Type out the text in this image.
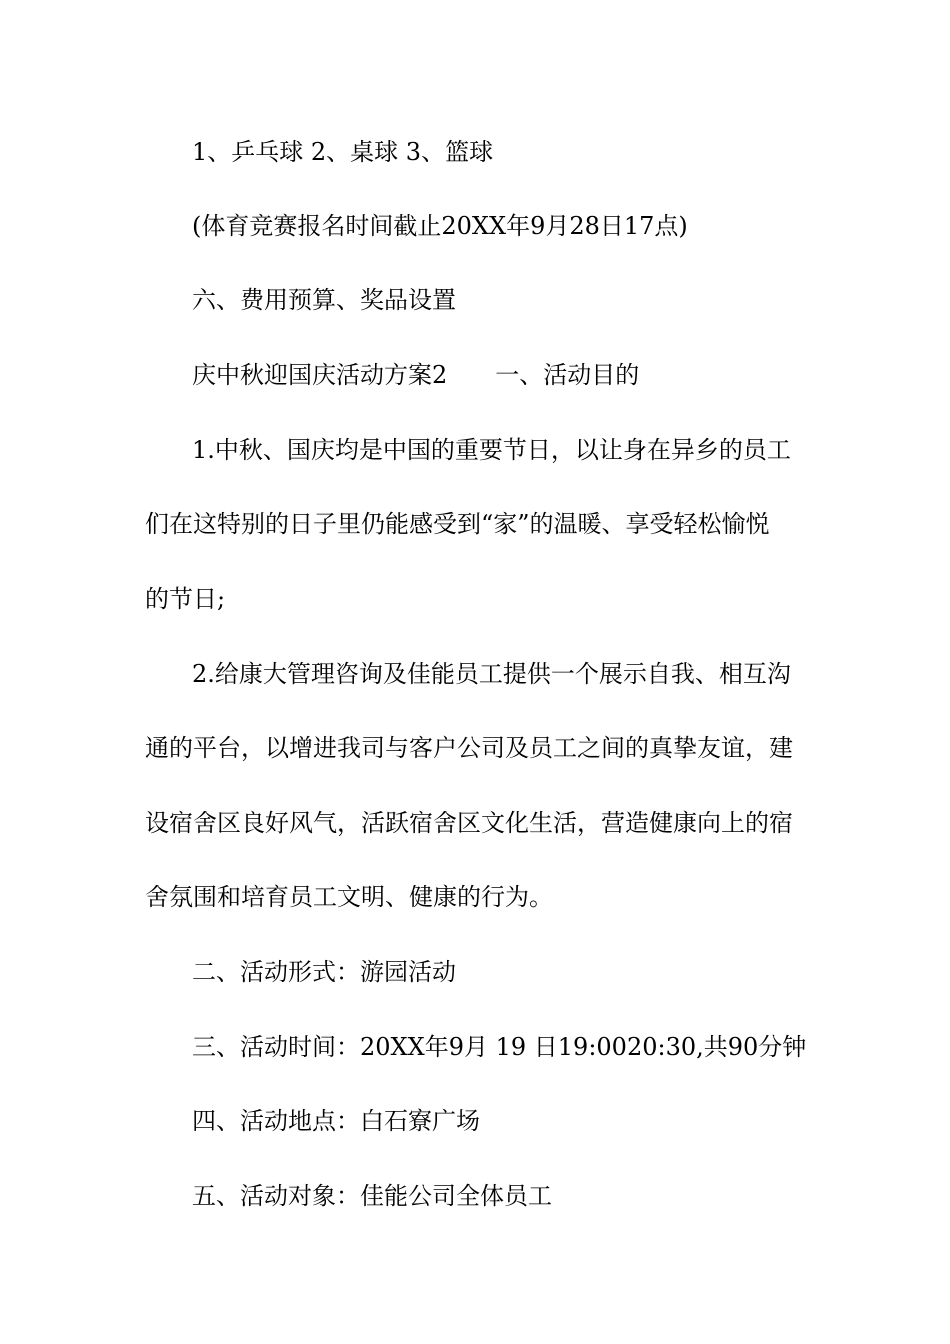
1、乒乓球 2、桌球 3、篮球

(体育竞赛报名时间截止20XX年9月28日17点)

六、费用预算、奖品设置

庆中秋迎国庆活动方案2　　一、活动目的

1.中秋、国庆均是中国的重要节日，以让身在异乡的员工

们在这特别的日子里仍能感受到“家”的温暖、享受轻松愉悦

的节日;

2.给康大管理咨询及佳能员工提供一个展示自我、相互沟

通的平台，以增进我司与客户公司及员工之间的真挚友谊，建

设宿舍区良好风气，活跃宿舍区文化生活，营造健康向上的宿

舍氛围和培育员工文明、健康的行为。

二、活动形式：游园活动

三、活动时间：20XX年9月 19 日19:0020:30,共90分钟

四、活动地点：白石寮广场

五、活动对象：佳能公司全体员工
